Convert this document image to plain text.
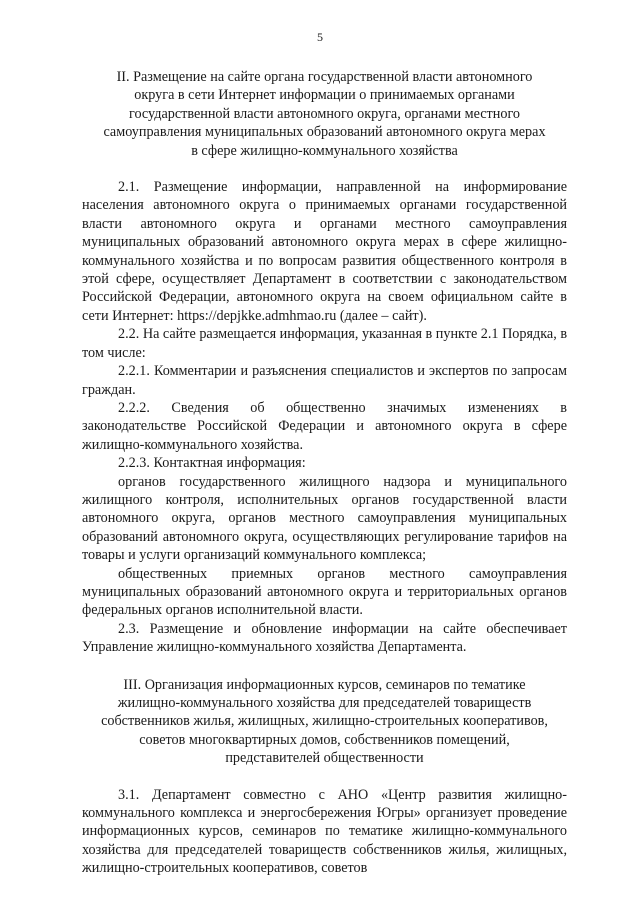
5
II. Размещение на сайте органа государственной власти автономного
округа в сети Интернет информации о принимаемых органами
государственной власти автономного округа, органами местного
самоуправления муниципальных образований автономного округа мерах
в сфере жилищно-коммунального хозяйства

2.1. Размещение информации, направленной на информирование населения автономного округа о принимаемых органами государственной власти автономного округа и органами местного самоуправления муниципальных образований автономного округа мерах в сфере жилищно-коммунального хозяйства и по вопросам развития общественного контроля в этой сфере, осуществляет Департамент в соответствии с законодательством Российской Федерации, автономного округа на своем официальном сайте в сети Интернет: https://depjkke.admhmao.ru (далее – сайт).

2.2. На сайте размещается информация, указанная в пункте 2.1 Порядка, в том числе:

2.2.1. Комментарии и разъяснения специалистов и экспертов по запросам граждан.

2.2.2. Сведения об общественно значимых изменениях в законодательстве Российской Федерации и автономного округа в сфере жилищно-коммунального хозяйства.

2.2.3. Контактная информация:

органов государственного жилищного надзора и муниципального жилищного контроля, исполнительных органов государственной власти автономного округа, органов местного самоуправления муниципальных образований автономного округа, осуществляющих регулирование тарифов на товары и услуги организаций коммунального комплекса;

общественных приемных органов местного самоуправления муниципальных образований автономного округа и территориальных органов федеральных органов исполнительной власти.

2.3. Размещение и обновление информации на сайте обеспечивает Управление жилищно-коммунального хозяйства Департамента.

III. Организация информационных курсов, семинаров по тематике
жилищно-коммунального хозяйства для председателей товариществ
собственников жилья, жилищных, жилищно-строительных кооперативов,
советов многоквартирных домов, собственников помещений,
представителей общественности

3.1. Департамент совместно с АНО «Центр развития жилищно-коммунального комплекса и энергосбережения Югры» организует проведение информационных курсов, семинаров по тематике жилищно-коммунального хозяйства для председателей товариществ собственников жилья, жилищных, жилищно-строительных кооперативов, советов
